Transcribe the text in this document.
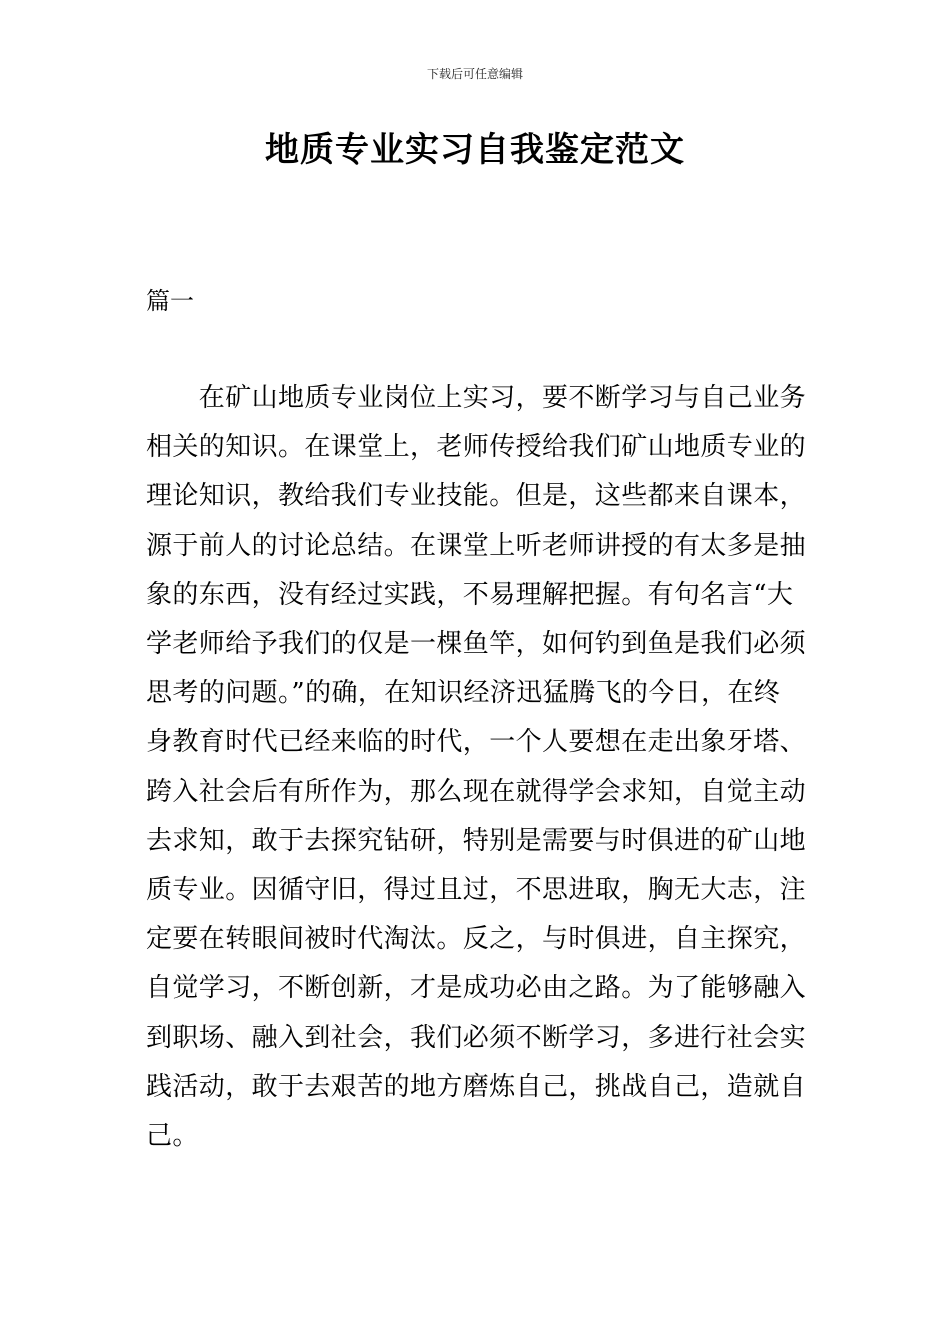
下载后可任意编辑
地质专业实习自我鉴定范文
篇一
　　在矿山地质专业岗位上实习，要不断学习与自己业务
相关的知识。在课堂上，老师传授给我们矿山地质专业的
理论知识，教给我们专业技能。但是，这些都来自课本，
源于前人的讨论总结。在课堂上听老师讲授的有太多是抽
象的东西，没有经过实践，不易理解把握。有句名言“大
学老师给予我们的仅是一棵鱼竿，如何钓到鱼是我们必须
思考的问题。”的确，在知识经济迅猛腾飞的今日，在终
身教育时代已经来临的时代，一个人要想在走出象牙塔、
跨入社会后有所作为，那么现在就得学会求知，自觉主动
去求知，敢于去探究钻研，特别是需要与时俱进的矿山地
质专业。因循守旧，得过且过，不思进取，胸无大志，注
定要在转眼间被时代淘汰。反之，与时俱进，自主探究，
自觉学习，不断创新，才是成功必由之路。为了能够融入
到职场、融入到社会，我们必须不断学习，多进行社会实
践活动，敢于去艰苦的地方磨炼自己，挑战自己，造就自
己。
